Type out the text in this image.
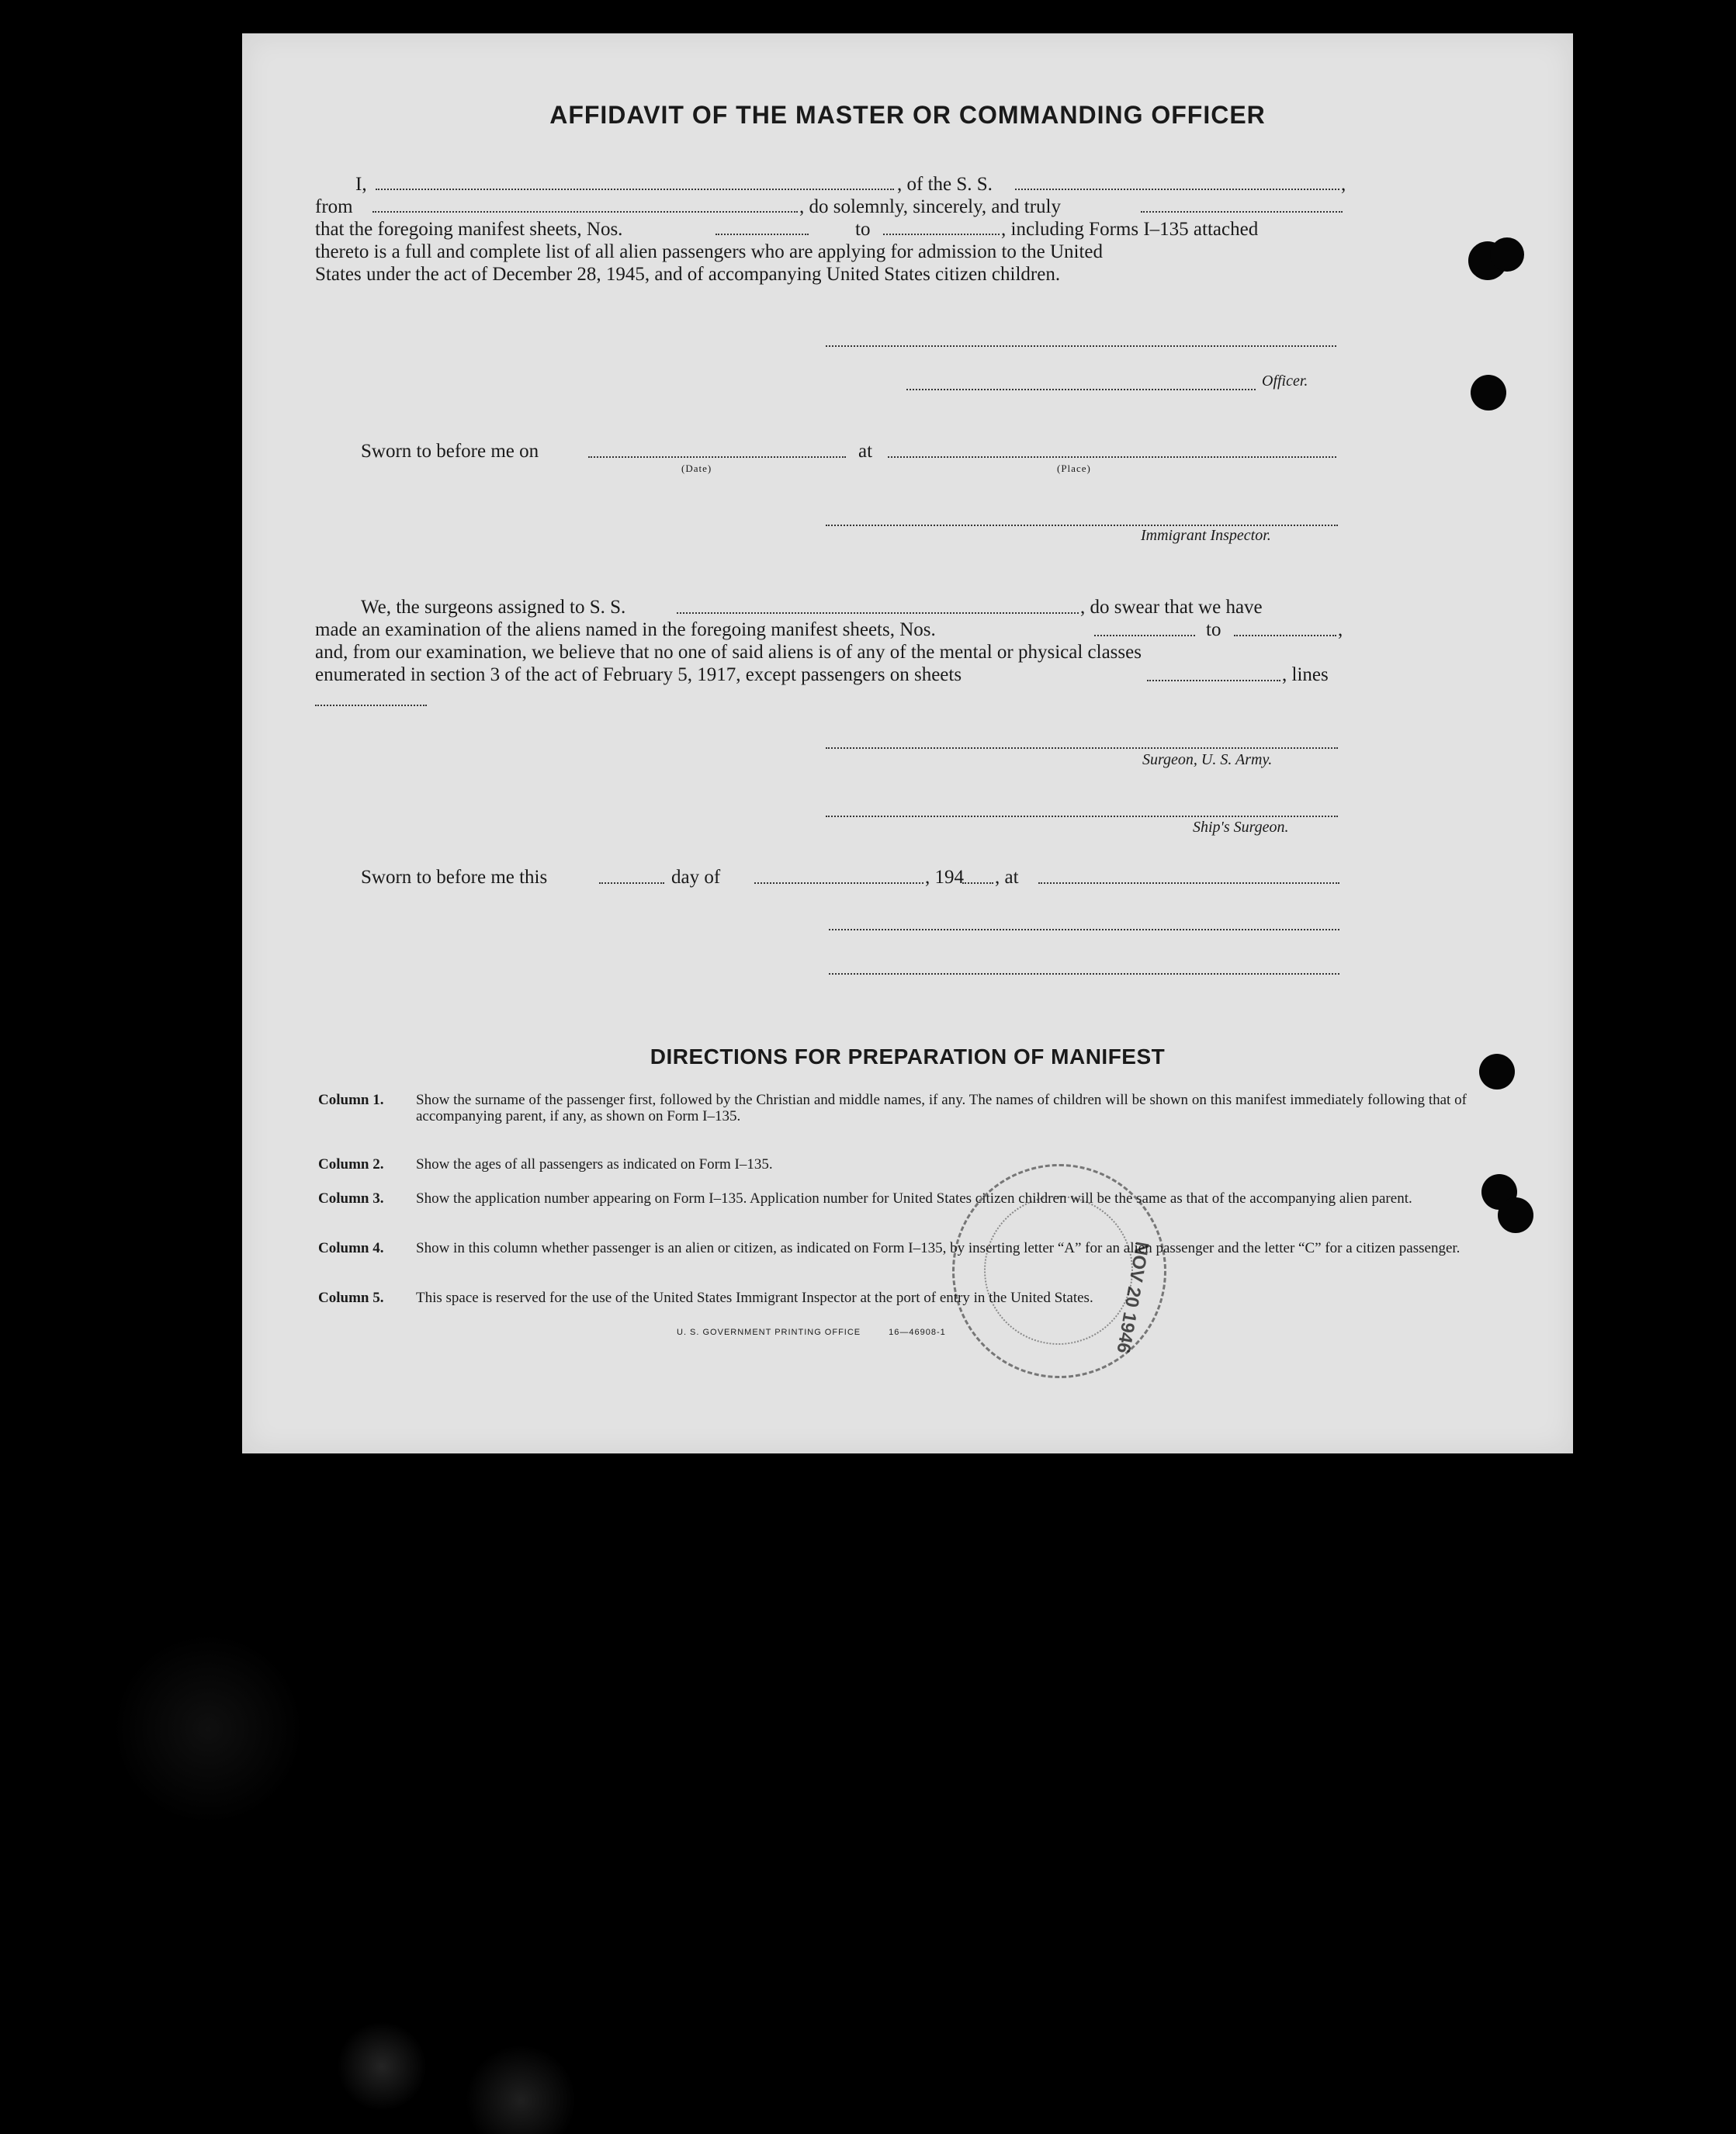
AFFIDAVIT OF THE MASTER OR COMMANDING OFFICER
I,	, of the S. S.	,
from	, do solemnly, sincerely, and truly
that the foregoing manifest sheets, Nos.	to	, including Forms I–135 attached
thereto is a full and complete list of all alien passengers who are applying for admission to the United
States under the act of December 28, 1945, and of accompanying United States citizen children.
Officer.
Sworn to before me on	at
(Date)	(Place)
Immigrant Inspector.
We, the surgeons assigned to S. S.	, do swear that we have
made an examination of the aliens named in the foregoing manifest sheets, Nos.	to	,
and, from our examination, we believe that no one of said aliens is of any of the mental or physical classes
enumerated in section 3 of the act of February 5, 1917, except passengers on sheets	, lines
Surgeon, U. S. Army.
Ship's Surgeon.
Sworn to before me this	day of	, 194 , at
DIRECTIONS FOR PREPARATION OF MANIFEST
Column 1. Show the surname of the passenger first, followed by the Christian and middle names, if any. The names of children will be shown on this manifest immediately following that of accompanying parent, if any, as shown on Form I–135.
Column 2. Show the ages of all passengers as indicated on Form I–135.
Column 3. Show the application number appearing on Form I–135. Application number for United States citizen children will be the same as that of the accompanying alien parent.
Column 4. Show in this column whether passenger is an alien or citizen, as indicated on Form I–135, by inserting letter “A” for an alien passenger and the letter “C” for a citizen passenger.
Column 5. This space is reserved for the use of the United States Immigrant Inspector at the port of entry in the United States.
U. S. GOVERNMENT PRINTING OFFICE	16—46908-1	NOV 20 1946
